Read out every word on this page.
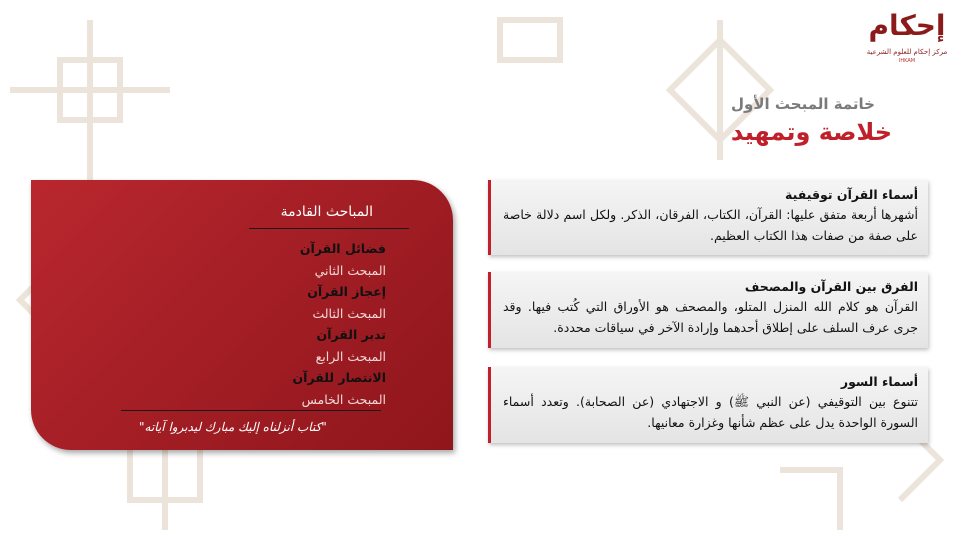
إحكام
مركز إحكام للعلوم الشرعية
IHKAM
خاتمة المبحث الأول
خلاصة وتمهيد
المباحث القادمة
فضائل القرآن
المبحث الثاني
إعجاز القرآن
المبحث الثالث
تدبر القرآن
المبحث الرابع
الانتصار للقرآن
المبحث الخامس
"كتاب أنزلناه إليك مبارك ليدبروا آياته"
أسماء القرآن توقيفية

أشهرها أربعة متفق عليها: القرآن، الكتاب، الفرقان، الذكر. ولكل اسم دلالة خاصة على صفة من صفات هذا الكتاب العظيم.

الفرق بين القرآن والمصحف

القرآن هو كلام الله المنزل المتلو، والمصحف هو الأوراق التي كُتب فيها. وقد جرى عرف السلف على إطلاق أحدهما وإرادة الآخر في سياقات محددة.

أسماء السور

تتنوع بين التوقيفي (عن النبي ﷺ) و الاجتهادي (عن الصحابة). وتعدد أسماء السورة الواحدة يدل على عظم شأنها وغزارة معانيها.
